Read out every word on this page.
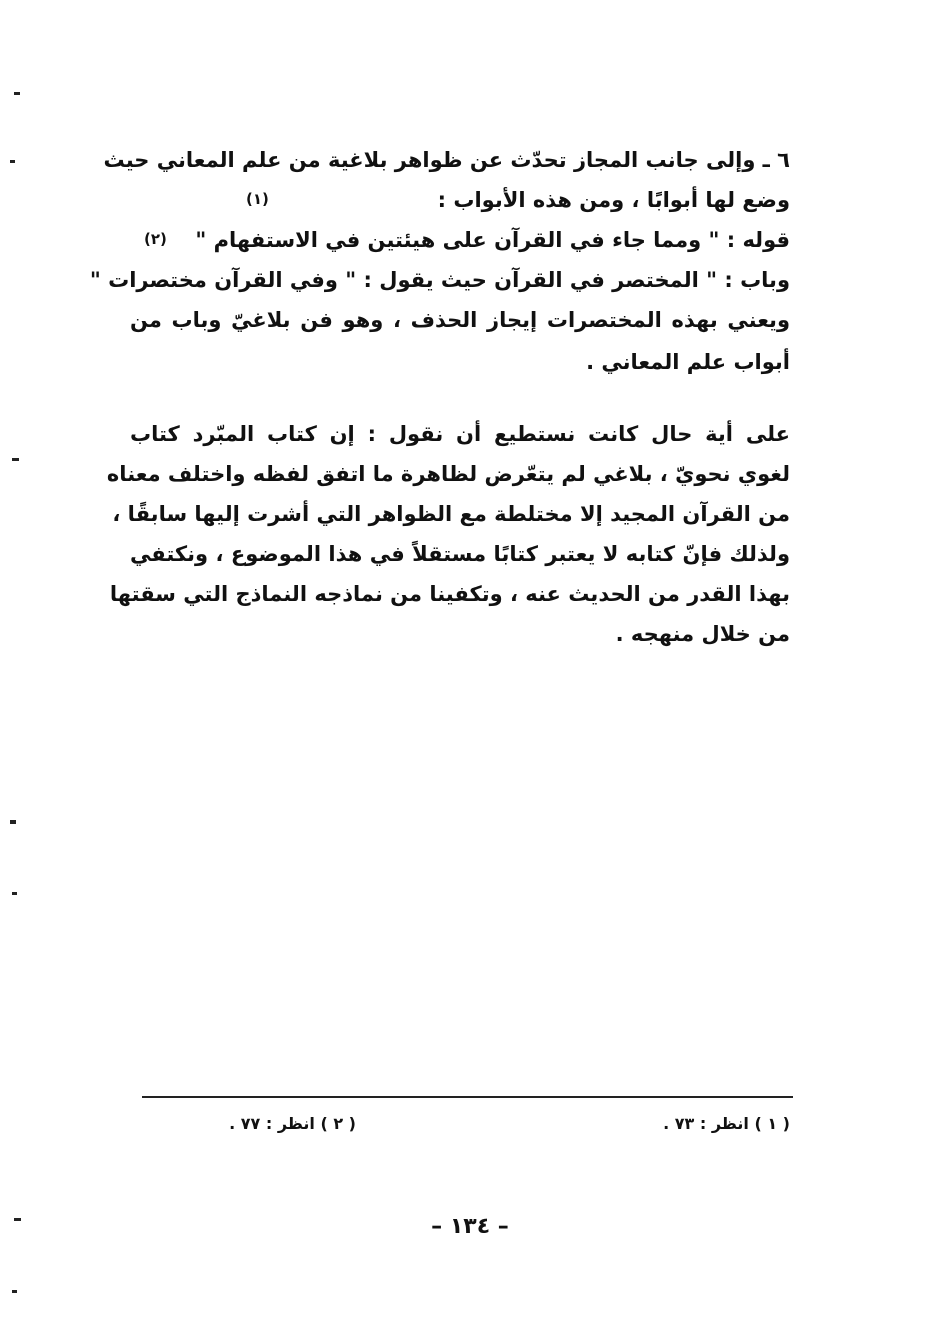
٦ ـ وإلى جانب المجاز تحدّث عن ظواهر بلاغية من علم المعاني حيث
وضع لها أبوابًا ، ومن هذه الأبواب :
قوله : " ومما جاء في القرآن على هيئتين في الاستفهام "
وباب : " المختصر في القرآن حيث يقول : " وفي القرآن مختصرات "
ويعني بهذه المختصرات إيجاز الحذف ، وهو فن بلاغيّ وباب من
أبواب علم المعاني .
(١)
(٢)
على أية حال كانت نستطيع أن نقول : إن كتاب المبّرد كتاب
لغوي نحويّ ، بلاغي لم يتعّرض لظاهرة ما اتفق لفظه واختلف معناه
من القرآن المجيد إلا مختلطة مع الظواهر التي أشرت إليها سابقًا ،
ولذلك فإنّ كتابه لا يعتبر كتابًا مستقلاً في هذا الموضوع ، ونكتفي
بهذا القدر من الحديث عنه ، وتكفينا من نماذجه النماذج التي سقتها
من خلال منهجه .
( ١ ) انظر : ٧٣ .
( ٢ ) انظر : ٧٧ .
– ١٣٤ –
